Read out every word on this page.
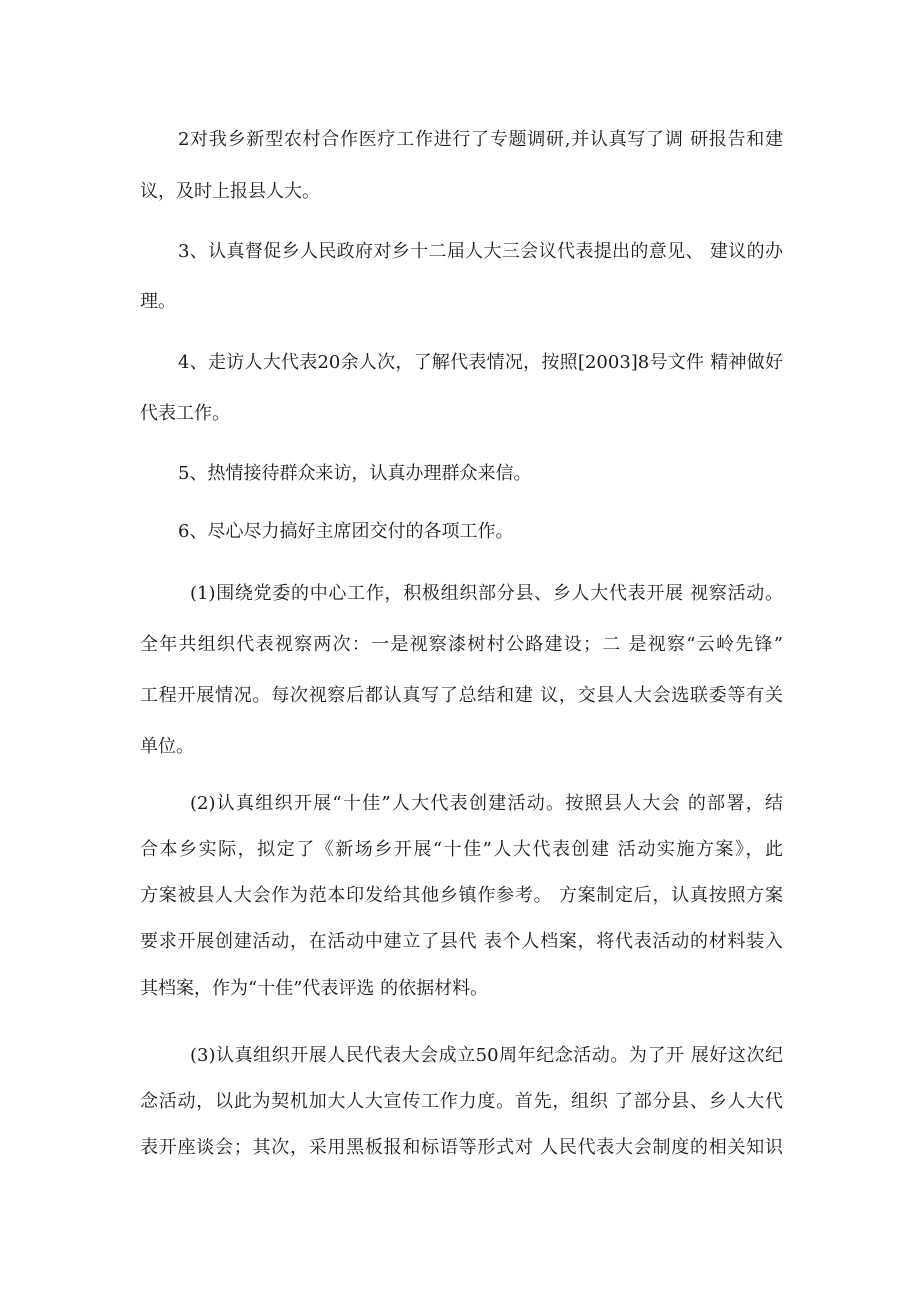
2对我乡新型农村合作医疗工作进行了专题调研,并认真写了调 研报告和建
议，及时上报县人大。
3、认真督促乡人民政府对乡十二届人大三会议代表提出的意见、 建议的办
理。
4、走访人大代表20余人次，了解代表情况，按照[2003]8号文件 精神做好
代表工作。
5、热情接待群众来访，认真办理群众来信。
6、尽心尽力搞好主席团交付的各项工作。
(1)围绕党委的中心工作，积极组织部分县、乡人大代表开展 视察活动。
全年共组织代表视察两次：一是视察漆树村公路建设；二 是视察“云岭先锋”
工程开展情况。每次视察后都认真写了总结和建 议，交县人大会选联委等有关
单位。
(2)认真组织开展“十佳”人大代表创建活动。按照县人大会 的部署，结
合本乡实际，拟定了《新场乡开展“十佳”人大代表创建 活动实施方案》，此
方案被县人大会作为范本印发给其他乡镇作参考。 方案制定后，认真按照方案
要求开展创建活动，在活动中建立了县代 表个人档案，将代表活动的材料装入
其档案，作为“十佳”代表评选 的依据材料。
(3)认真组织开展人民代表大会成立50周年纪念活动。为了开 展好这次纪
念活动，以此为契机加大人大宣传工作力度。首先，组织 了部分县、乡人大代
表开座谈会；其次，采用黑板报和标语等形式对 人民代表大会制度的相关知识
